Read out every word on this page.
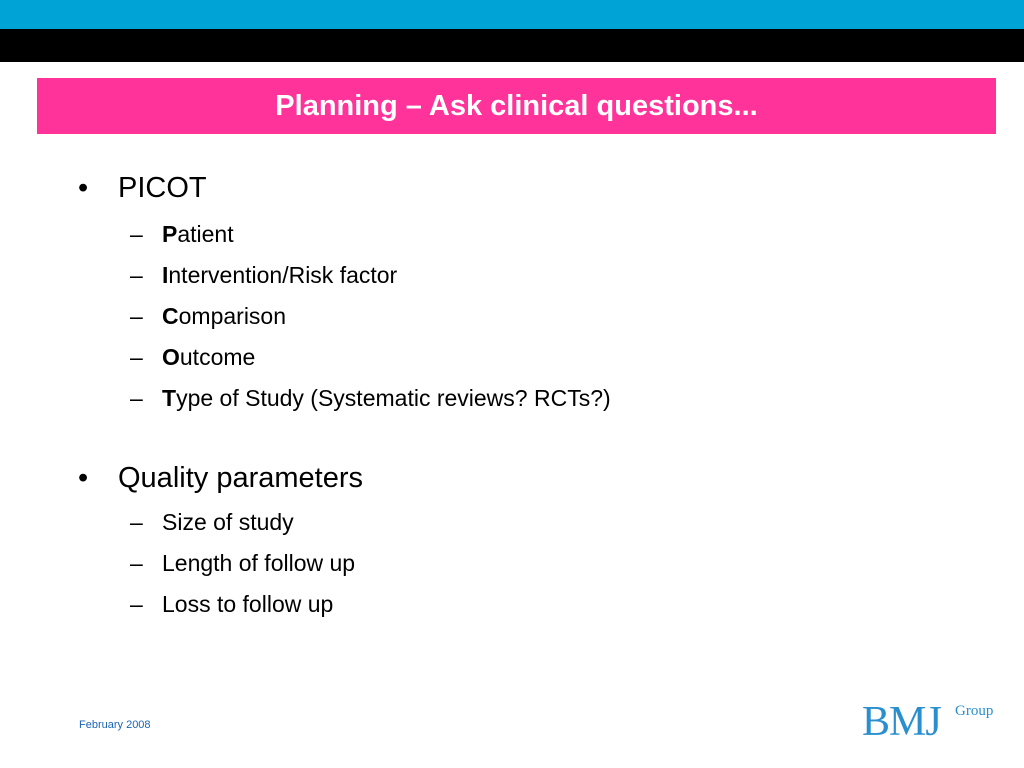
Planning – Ask clinical questions...
• PICOT
– Patient
– Intervention/Risk factor
– Comparison
– Outcome
– Type of Study (Systematic reviews? RCTs?)
• Quality parameters
– Size of study
– Length of follow up
– Loss to follow up
February 2008	BMJ Group
